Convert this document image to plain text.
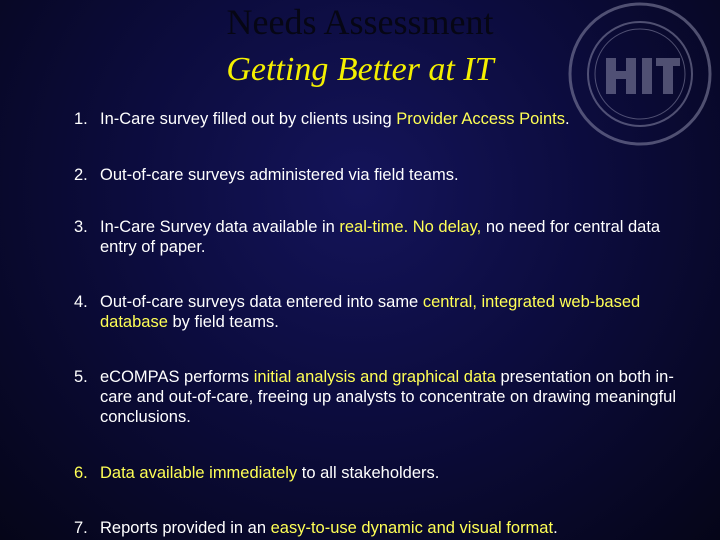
Needs Assessment
Getting Better at IT
1. In-Care survey filled out by clients using Provider Access Points.
2. Out-of-care surveys administered via field teams.
3. In-Care Survey data available in real-time. No delay, no need for central data entry of paper.
4. Out-of-care surveys data entered into same central, integrated web-based database by field teams.
5. eCOMPAS performs initial analysis and graphical data presentation on both in-care and out-of-care, freeing up analysts to concentrate on drawing meaningful conclusions.
6. Data available immediately to all stakeholders.
7. Reports provided in an easy-to-use dynamic and visual format.
